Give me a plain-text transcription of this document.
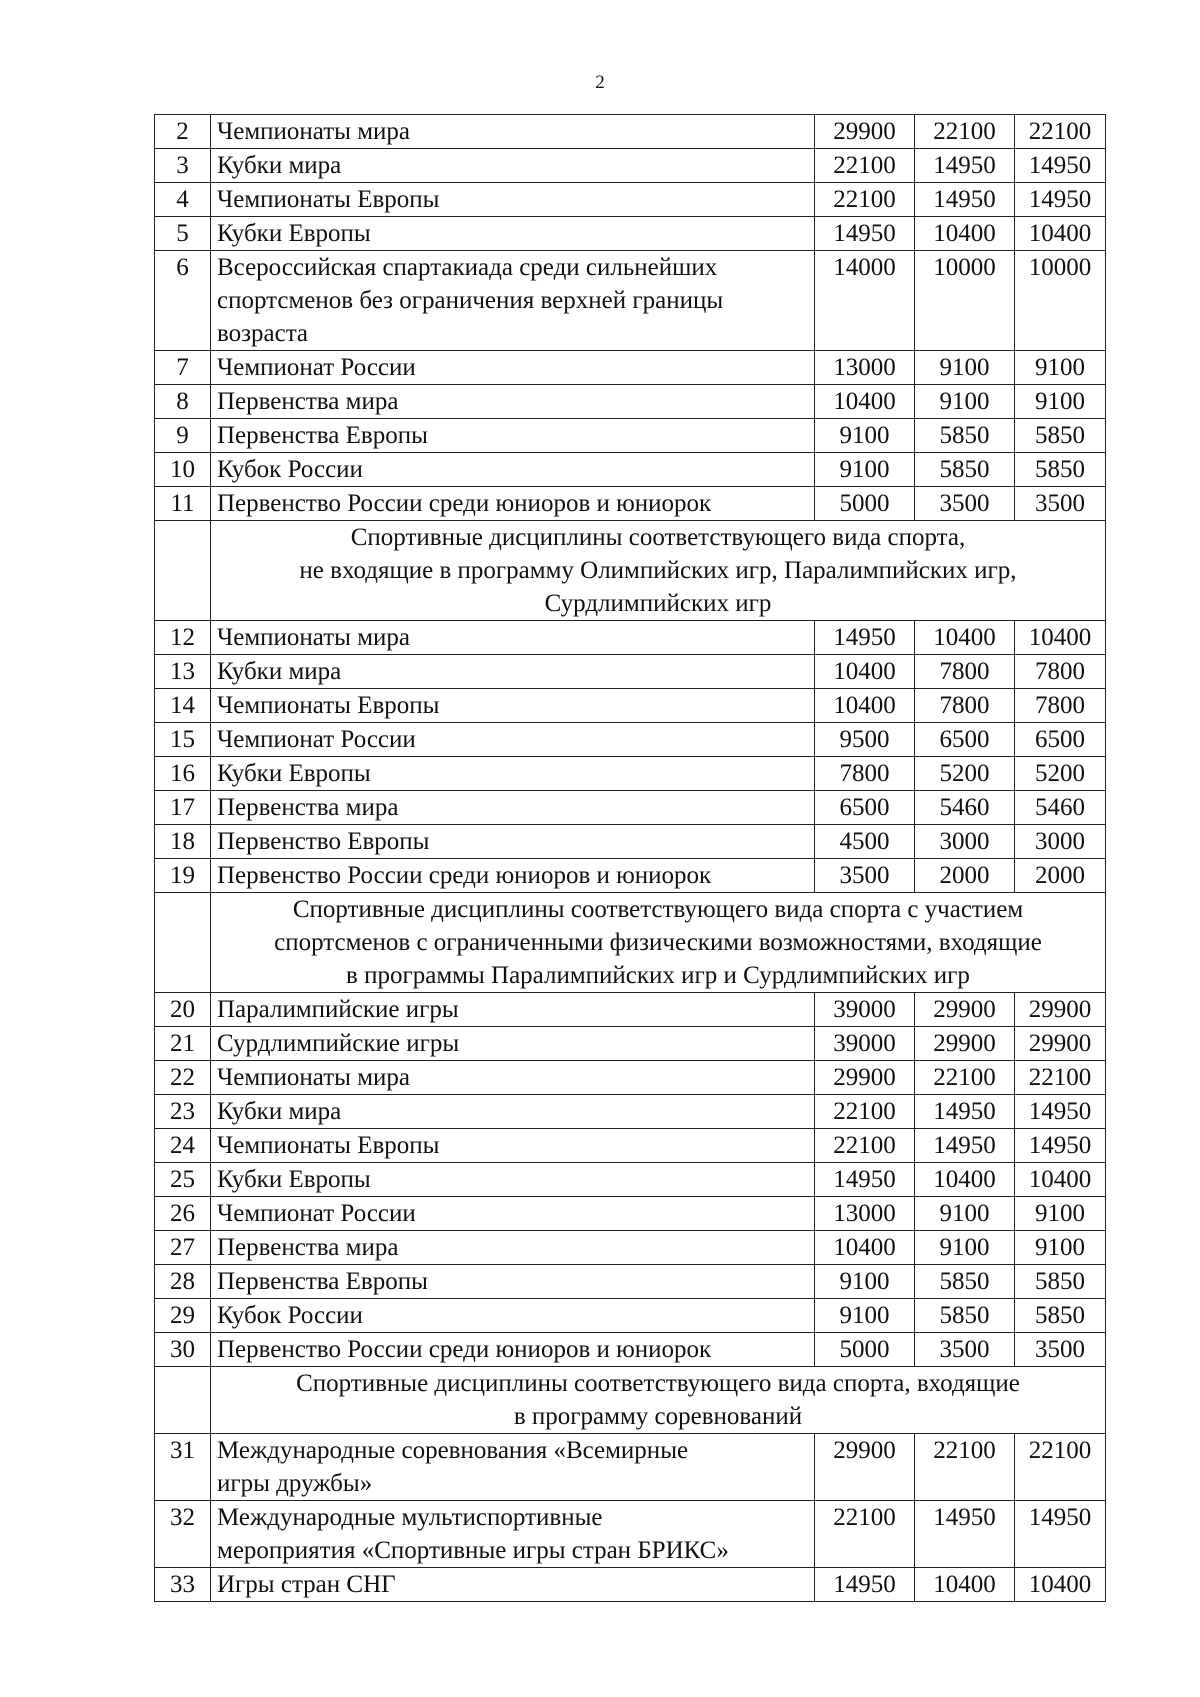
2
2	Чемпионаты мира	29900	22100	22100
3	Кубки мира	22100	14950	14950
4	Чемпионаты Европы	22100	14950	14950
5	Кубки Европы	14950	10400	10400
6	Всероссийская спартакиада среди сильнейших
спортсменов без ограничения верхней границы
возраста	14000	10000	10000
7	Чемпионат России	13000	9100	9100
8	Первенства мира	10400	9100	9100
9	Первенства Европы	9100	5850	5850
10	Кубок России	9100	5850	5850
11	Первенство России среди юниоров и юниорок	5000	3500	3500

	Спортивные дисциплины соответствующего вида спорта,
не входящие в программу Олимпийских игр, Паралимпийских игр,
Сурдлимпийских игр			

12	Чемпионаты мира	14950	10400	10400
13	Кубки мира	10400	7800	7800
14	Чемпионаты Европы	10400	7800	7800
15	Чемпионат России	9500	6500	6500
16	Кубки Европы	7800	5200	5200
17	Первенства мира	6500	5460	5460
18	Первенство Европы	4500	3000	3000
19	Первенство России среди юниоров и юниорок	3500	2000	2000

	Спортивные дисциплины соответствующего вида спорта с участием
спортсменов с ограниченными физическими возможностями, входящие
в программы Паралимпийских игр и Сурдлимпийских игр			

20	Паралимпийские игры	39000	29900	29900
21	Сурдлимпийские игры	39000	29900	29900
22	Чемпионаты мира	29900	22100	22100
23	Кубки мира	22100	14950	14950
24	Чемпионаты Европы	22100	14950	14950
25	Кубки Европы	14950	10400	10400
26	Чемпионат России	13000	9100	9100
27	Первенства мира	10400	9100	9100
28	Первенства Европы	9100	5850	5850
29	Кубок России	9100	5850	5850
30	Первенство России среди юниоров и юниорок	5000	3500	3500

	Спортивные дисциплины соответствующего вида спорта, входящие
в программу соревнований			

31	Международные соревнования «Всемирные
игры дружбы»	29900	22100	22100
32	Международные мультиспортивные
мероприятия «Спортивные игры стран БРИКС»	22100	14950	14950
33	Игры стран СНГ	14950	10400	10400
